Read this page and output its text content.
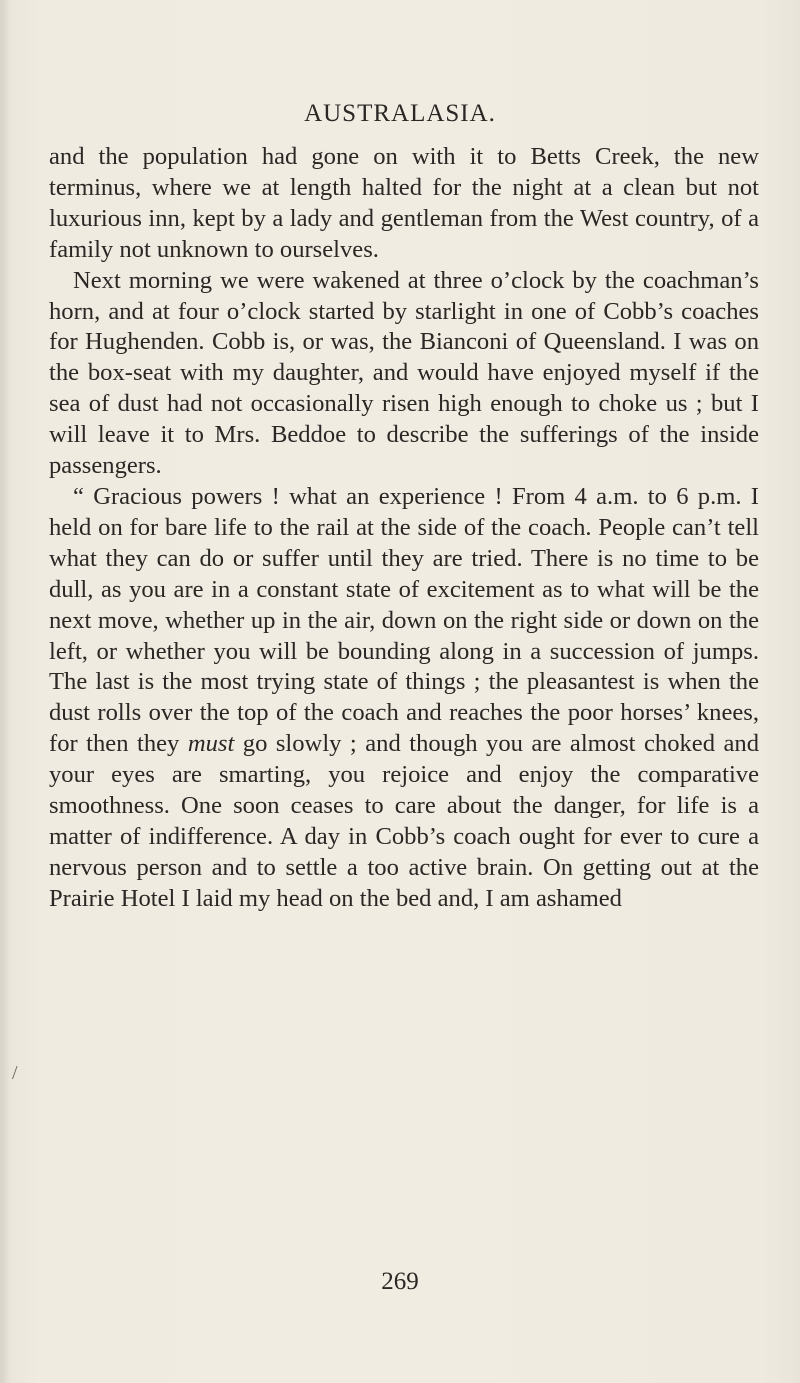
AUSTRALASIA.

and the population had gone on with it to Betts Creek, the new terminus, where we at length halted for the night at a clean but not luxurious inn, kept by a lady and gentleman from the West country, of a family not unknown to ourselves.

Next morning we were wakened at three o’clock by the coachman’s horn, and at four o’clock started by starlight in one of Cobb’s coaches for Hughenden. Cobb is, or was, the Bianconi of Queensland. I was on the box-seat with my daughter, and would have enjoyed myself if the sea of dust had not occasionally risen high enough to choke us ; but I will leave it to Mrs. Beddoe to describe the sufferings of the inside passengers.

“ Gracious powers ! what an experience ! From 4 a.m. to 6 p.m. I held on for bare life to the rail at the side of the coach. People can’t tell what they can do or suffer until they are tried. There is no time to be dull, as you are in a constant state of excitement as to what will be the next move, whether up in the air, down on the right side or down on the left, or whether you will be bounding along in a succession of jumps. The last is the most trying state of things ; the pleasantest is when the dust rolls over the top of the coach and reaches the poor horses’ knees, for then they must go slowly ; and though you are almost choked and your eyes are smarting, you rejoice and enjoy the comparative smoothness. One soon ceases to care about the danger, for life is a matter of indifference. A day in Cobb’s coach ought for ever to cure a nervous person and to settle a too active brain. On getting out at the Prairie Hotel I laid my head on the bed and, I am ashamed

/
269
